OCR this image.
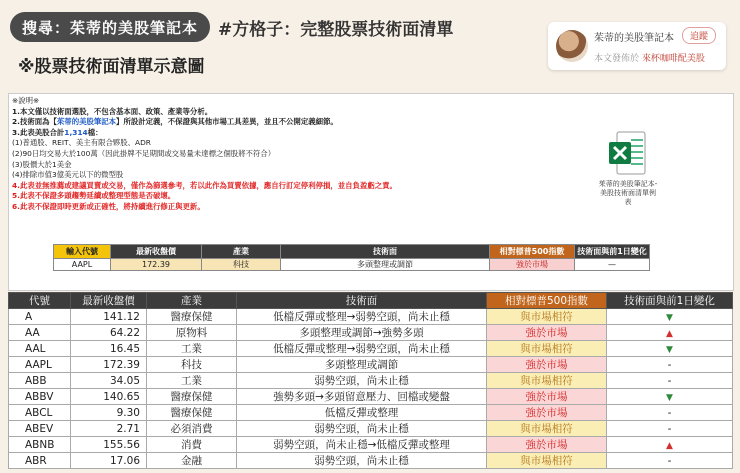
搜尋：茱蒂的美股筆記本	#方格子：完整股票技術面清單
※股票技術面清單示意圖
茱蒂的美股筆記本	追蹤
本文發佈於 來杯咖啡配美股
※說明※
1.本文僅以技術面選股，不包含基本面、政策、產業等分析。
2.技術面為【茱蒂的美股筆記本】所設計定義，不保證與其他市場工具差異，並且不公開定義細節。
3.此表美股合計1,314檔：
(1)普通股、REIT、美主有限合夥股、ADR
(2)90日均交易大於100萬（因此掛牌不足期間或交易量未達標之個股將不符合）
(3)股價大於1美金
(4)排除市值3億美元以下的微型股
4.此表並無推薦或建議買賣或交易，僅作為篩選參考，若以此作為買賣依據，應自行訂定停利停損，並自負盈虧之責。
5.此表不保證多頭趨勢延續或整理型態是否破壞。
6.此表不保證即時更新或正確性，將持續進行修正與更新。
茱蒂的美股筆記本-美股技術面清單例表
輸入代號	最新收盤價	產業	技術面	相對標普500指數	技術面與前1日變化
AAPL	172.39	科技	多頭整理或調節	強於市場	—
代號	最新收盤價	產業	技術面	相對標普500指數	技術面與前1日變化
A	141.12	醫療保健	低檔反彈或整理→弱勢空頭，尚未止穩	與市場相符	▼
AA	64.22	原物料	多頭整理或調節→強勢多頭	強於市場	▲
AAL	16.45	工業	低檔反彈或整理→弱勢空頭，尚未止穩	與市場相符	▼
AAPL	172.39	科技	多頭整理或調節	強於市場	-
ABB	34.05	工業	弱勢空頭，尚未止穩	與市場相符	-
ABBV	140.65	醫療保健	強勢多頭→多頭留意壓力、回檔或變盤	強於市場	▼
ABCL	9.30	醫療保健	低檔反彈或整理	強於市場	-
ABEV	2.71	必須消費	弱勢空頭，尚未止穩	與市場相符	-
ABNB	155.56	消費	弱勢空頭，尚未止穩→低檔反彈或整理	強於市場	▲
ABR	17.06	金融	弱勢空頭，尚未止穩	與市場相符	-
